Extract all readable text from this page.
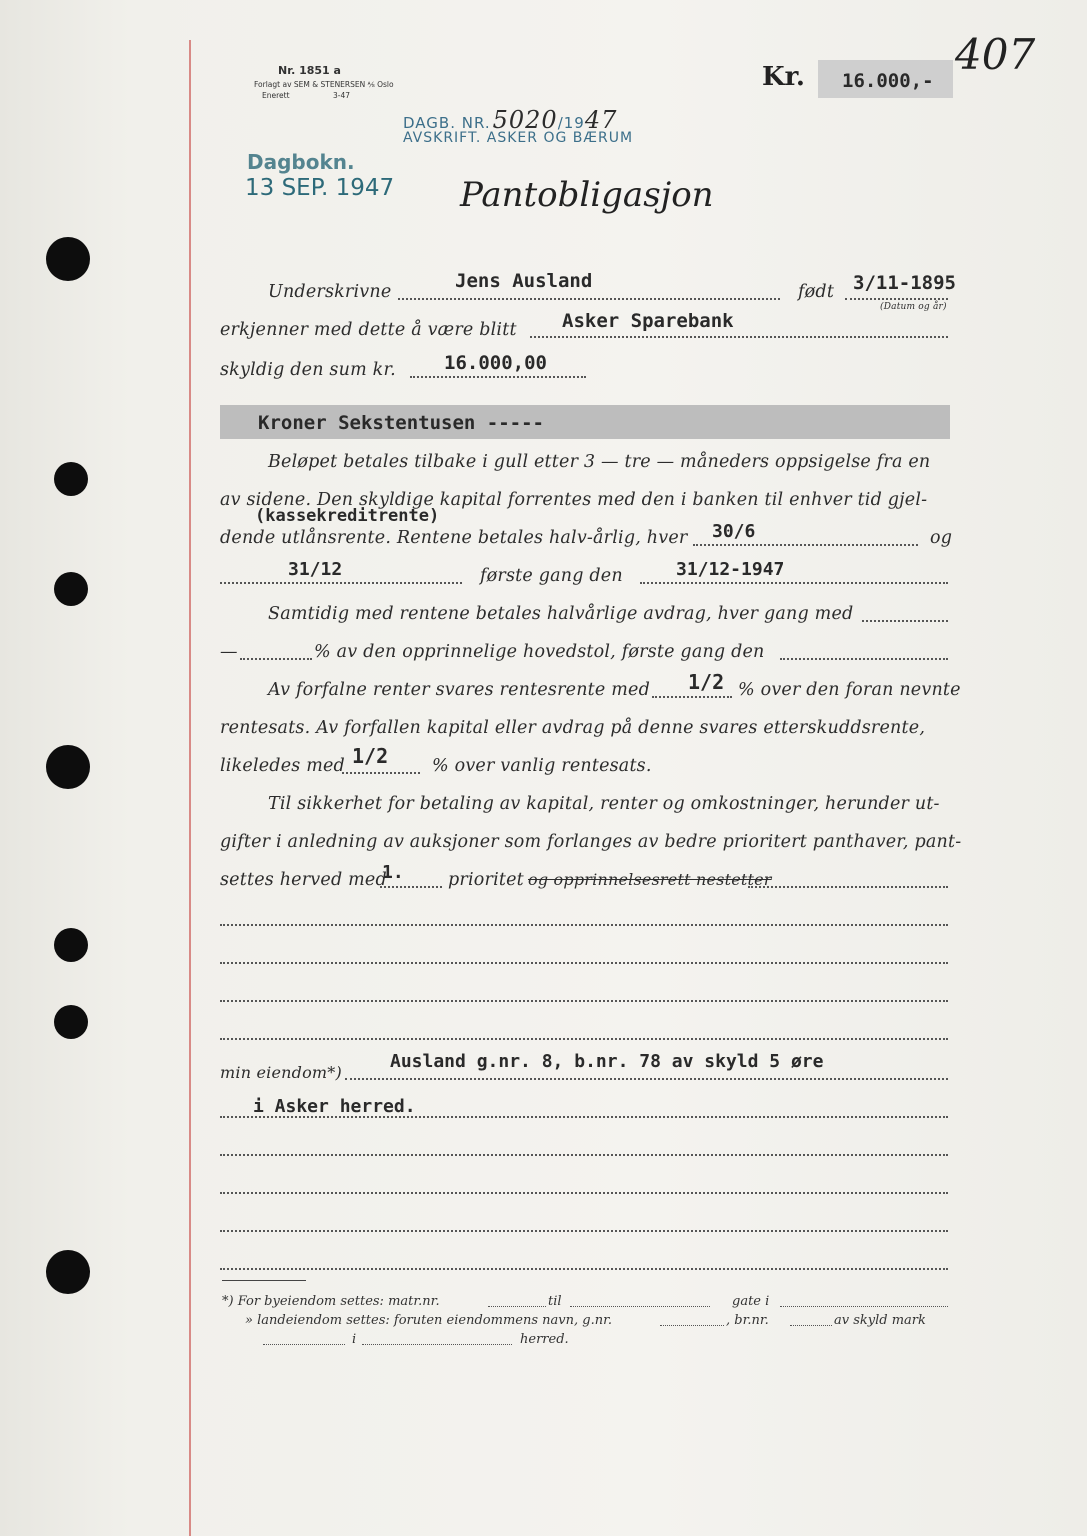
Nr. 1851 a
Forlagt av SEM & STENERSEN ⅍ Oslo
Enerett	3-47
DAGB. NR.5020/1947
AVSKRIFT. ASKER OG BÆRUM
Dagbokn.
13 SEP. 1947
407
Kr. 16.000,-
Pantobligasjon
Underskrivne	Jens Ausland	født 3/11-1895
(Datum og år)
erkjenner med dette å være blitt Asker Sparebank
skyldig den sum kr.	16.000,00
Kroner Sekstentusen -----
Beløpet betales tilbake i gull etter 3 — tre — måneders oppsigelse fra en
av sidene. Den skyldige kapital forrentes med den i banken til enhver tid gjel-
(kassekreditrente)
dende utlånsrente. Rentene betales halv-årlig, hver 30/6	og
31/12	første gang den	31/12-1947
Samtidig med rentene betales halvårlige avdrag, hver gang med
—	% av den opprinnelige hovedstol, første gang den
Av forfalne renter svares rentesrente med 1/2 % over den foran nevnte
rentesats. Av forfallen kapital eller avdrag på denne svares etterskuddsrente,
likeledes med 1/2	% over vanlig rentesats.
Til sikkerhet for betaling av kapital, renter og omkostninger, herunder ut-
gifter i anledning av auksjoner som forlanges av bedre prioritert panthaver, pant-
settes herved med
1.	prioritet og opprinnelsesrett nestetter
min eiendom*)
Ausland g.nr. 8, b.nr. 78 av skyld 5 øre
i Asker herred.
*) For byeiendom settes: matr.nr.	til	gate i
» landeiendom settes: foruten eiendommens navn, g.nr.	, br.nr.	av skyld mark
i	herred.
